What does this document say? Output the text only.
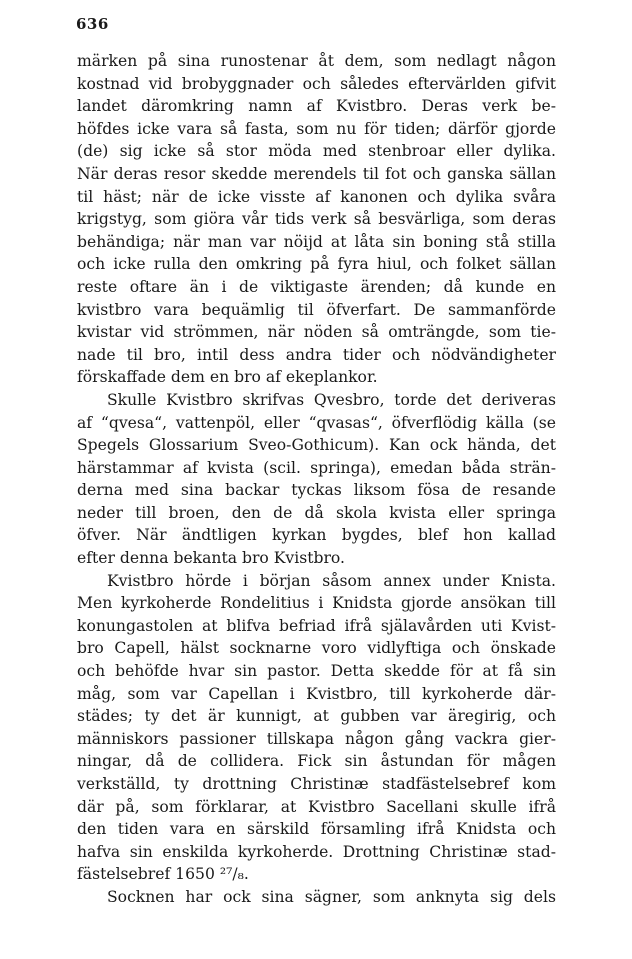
636
märken på sina runostenar åt dem, som nedlagt någon
kostnad vid brobyggnader och således eftervärlden gifvit
landet däromkring namn af Kvistbro. Deras verk be-
höfdes icke vara så fasta, som nu för tiden; därför gjorde
(de) sig icke så stor möda med stenbroar eller dylika.
När deras resor skedde merendels til fot och ganska sällan
til häst; när de icke visste af kanonen och dylika svåra
krigstyg, som giöra vår tids verk så besvärliga, som deras
behändiga; när man var nöijd at låta sin boning stå stilla
och icke rulla den omkring på fyra hiul, och folket sällan
reste oftare än i de viktigaste ärenden; då kunde en
kvistbro vara bequämlig til öfverfart. De sammanförde
kvistar vid strömmen, när nöden så omträngde, som tie-
nade til bro, intil dess andra tider och nödvändigheter
förskaffade dem en bro af ekeplankor.
Skulle Kvistbro skrifvas Qvesbro, torde det deriveras
af “qvesa“, vattenpöl, eller “qvasas“, öfverflödig källa (se
Spegels Glossarium Sveo-Gothicum). Kan ock hända, det
härstammar af kvista (scil. springa), emedan båda strän-
derna med sina backar tyckas liksom fösa de resande
neder till broen, den de då skola kvista eller springa
öfver. När ändtligen kyrkan bygdes, blef hon kallad
efter denna bekanta bro Kvistbro.
Kvistbro hörde i början såsom annex under Knista.
Men kyrkoherde Rondelitius i Knidsta gjorde ansökan till
konungastolen at blifva befriad ifrå själavården uti Kvist-
bro Capell, hälst socknarne voro vidlyftiga och önskade
och behöfde hvar sin pastor. Detta skedde för at få sin
måg, som var Capellan i Kvistbro, till kyrkoherde där-
städes; ty det är kunnigt, at gubben var äregirig, och
människors passioner tillskapa någon gång vackra gier-
ningar, då de collidera. Fick sin åstundan för mågen
verkställd, ty drottning Christinæ stadfästelsebref kom
där på, som förklarar, at Kvistbro Sacellani skulle ifrå
den tiden vara en särskild församling ifrå Knidsta och
hafva sin enskilda kyrkoherde. Drottning Christinæ stad-
fästelsebref 1650 ²⁷/₈.
Socknen har ock sina sägner, som anknyta sig dels
